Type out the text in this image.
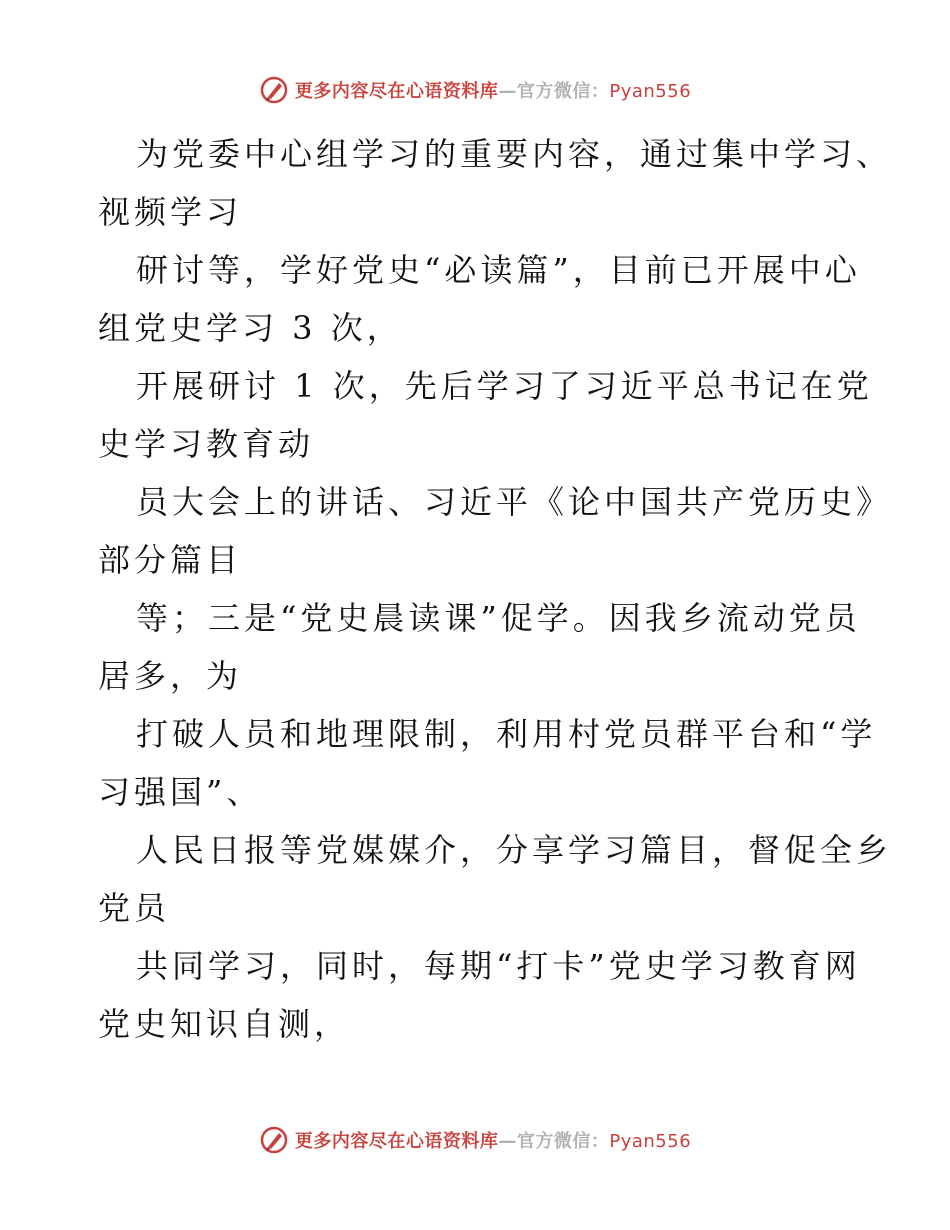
更多内容尽在心语资料库—官方微信：Pyan556
为党委中心组学习的重要内容，通过集中学习、
视频学习
研讨等，学好党史“必读篇”，目前已开展中心
组党史学习 3 次，
开展研讨 1 次，先后学习了习近平总书记在党
史学习教育动
员大会上的讲话、习近平《论中国共产党历史》
部分篇目
等；三是“党史晨读课”促学。因我乡流动党员
居多，为
打破人员和地理限制，利用村党员群平台和“学
习强国”、
人民日报等党媒媒介，分享学习篇目，督促全乡
党员
共同学习，同时，每期“打卡”党史学习教育网
党史知识自测，
更多内容尽在心语资料库—官方微信：Pyan556
